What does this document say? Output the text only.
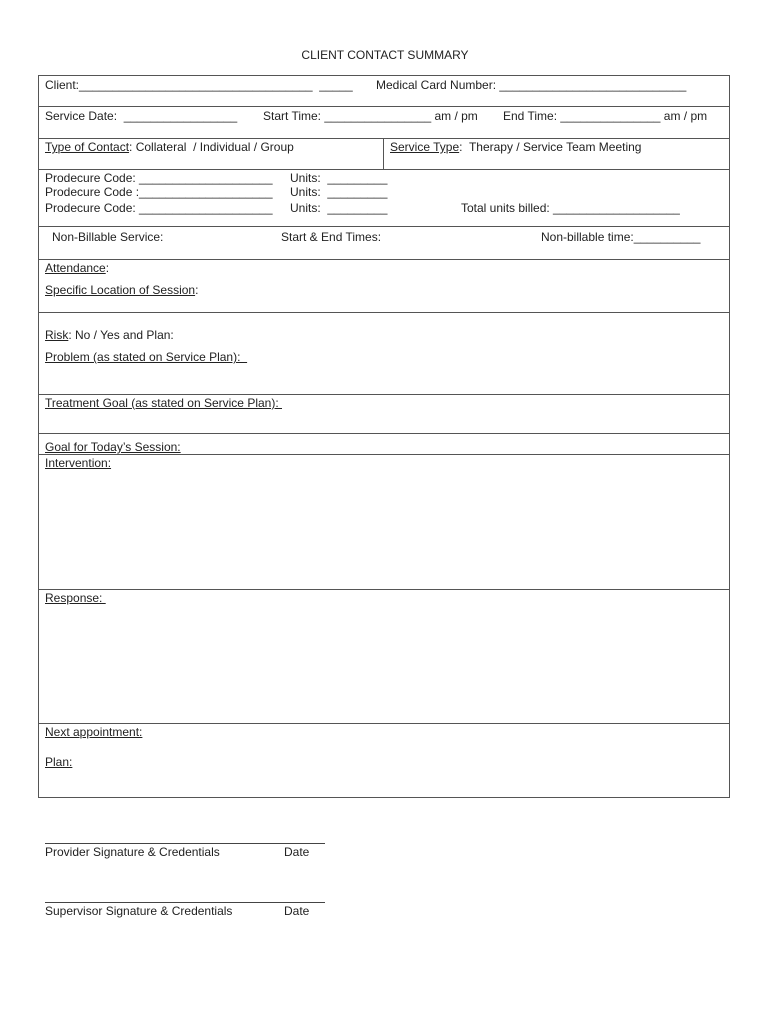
CLIENT CONTACT SUMMARY
Client:___________________________________  _____ Medical Card Number: ____________________________
Service Date:  _________________ Start Time: ________________ am / pm End Time: _______________ am / pm
Type of Contact: Collateral  / Individual / Group	Service Type:  Therapy / Service Team Meeting
Prodecure Code: ____________________ Units:  _________
Prodecure Code :____________________ Units:  _________
Prodecure Code: ____________________ Units:  _________	Total units billed: ___________________
Non-Billable Service:	Start & End Times:	Non-billable time:__________
Attendance:
Specific Location of Session:
Risk: No / Yes and Plan:
Problem (as stated on Service Plan):
Treatment Goal (as stated on Service Plan):
Goal for Today’s Session:
Intervention:
Response:
Next appointment:
Plan:
Provider Signature & Credentials	Date
Supervisor Signature & Credentials	Date
